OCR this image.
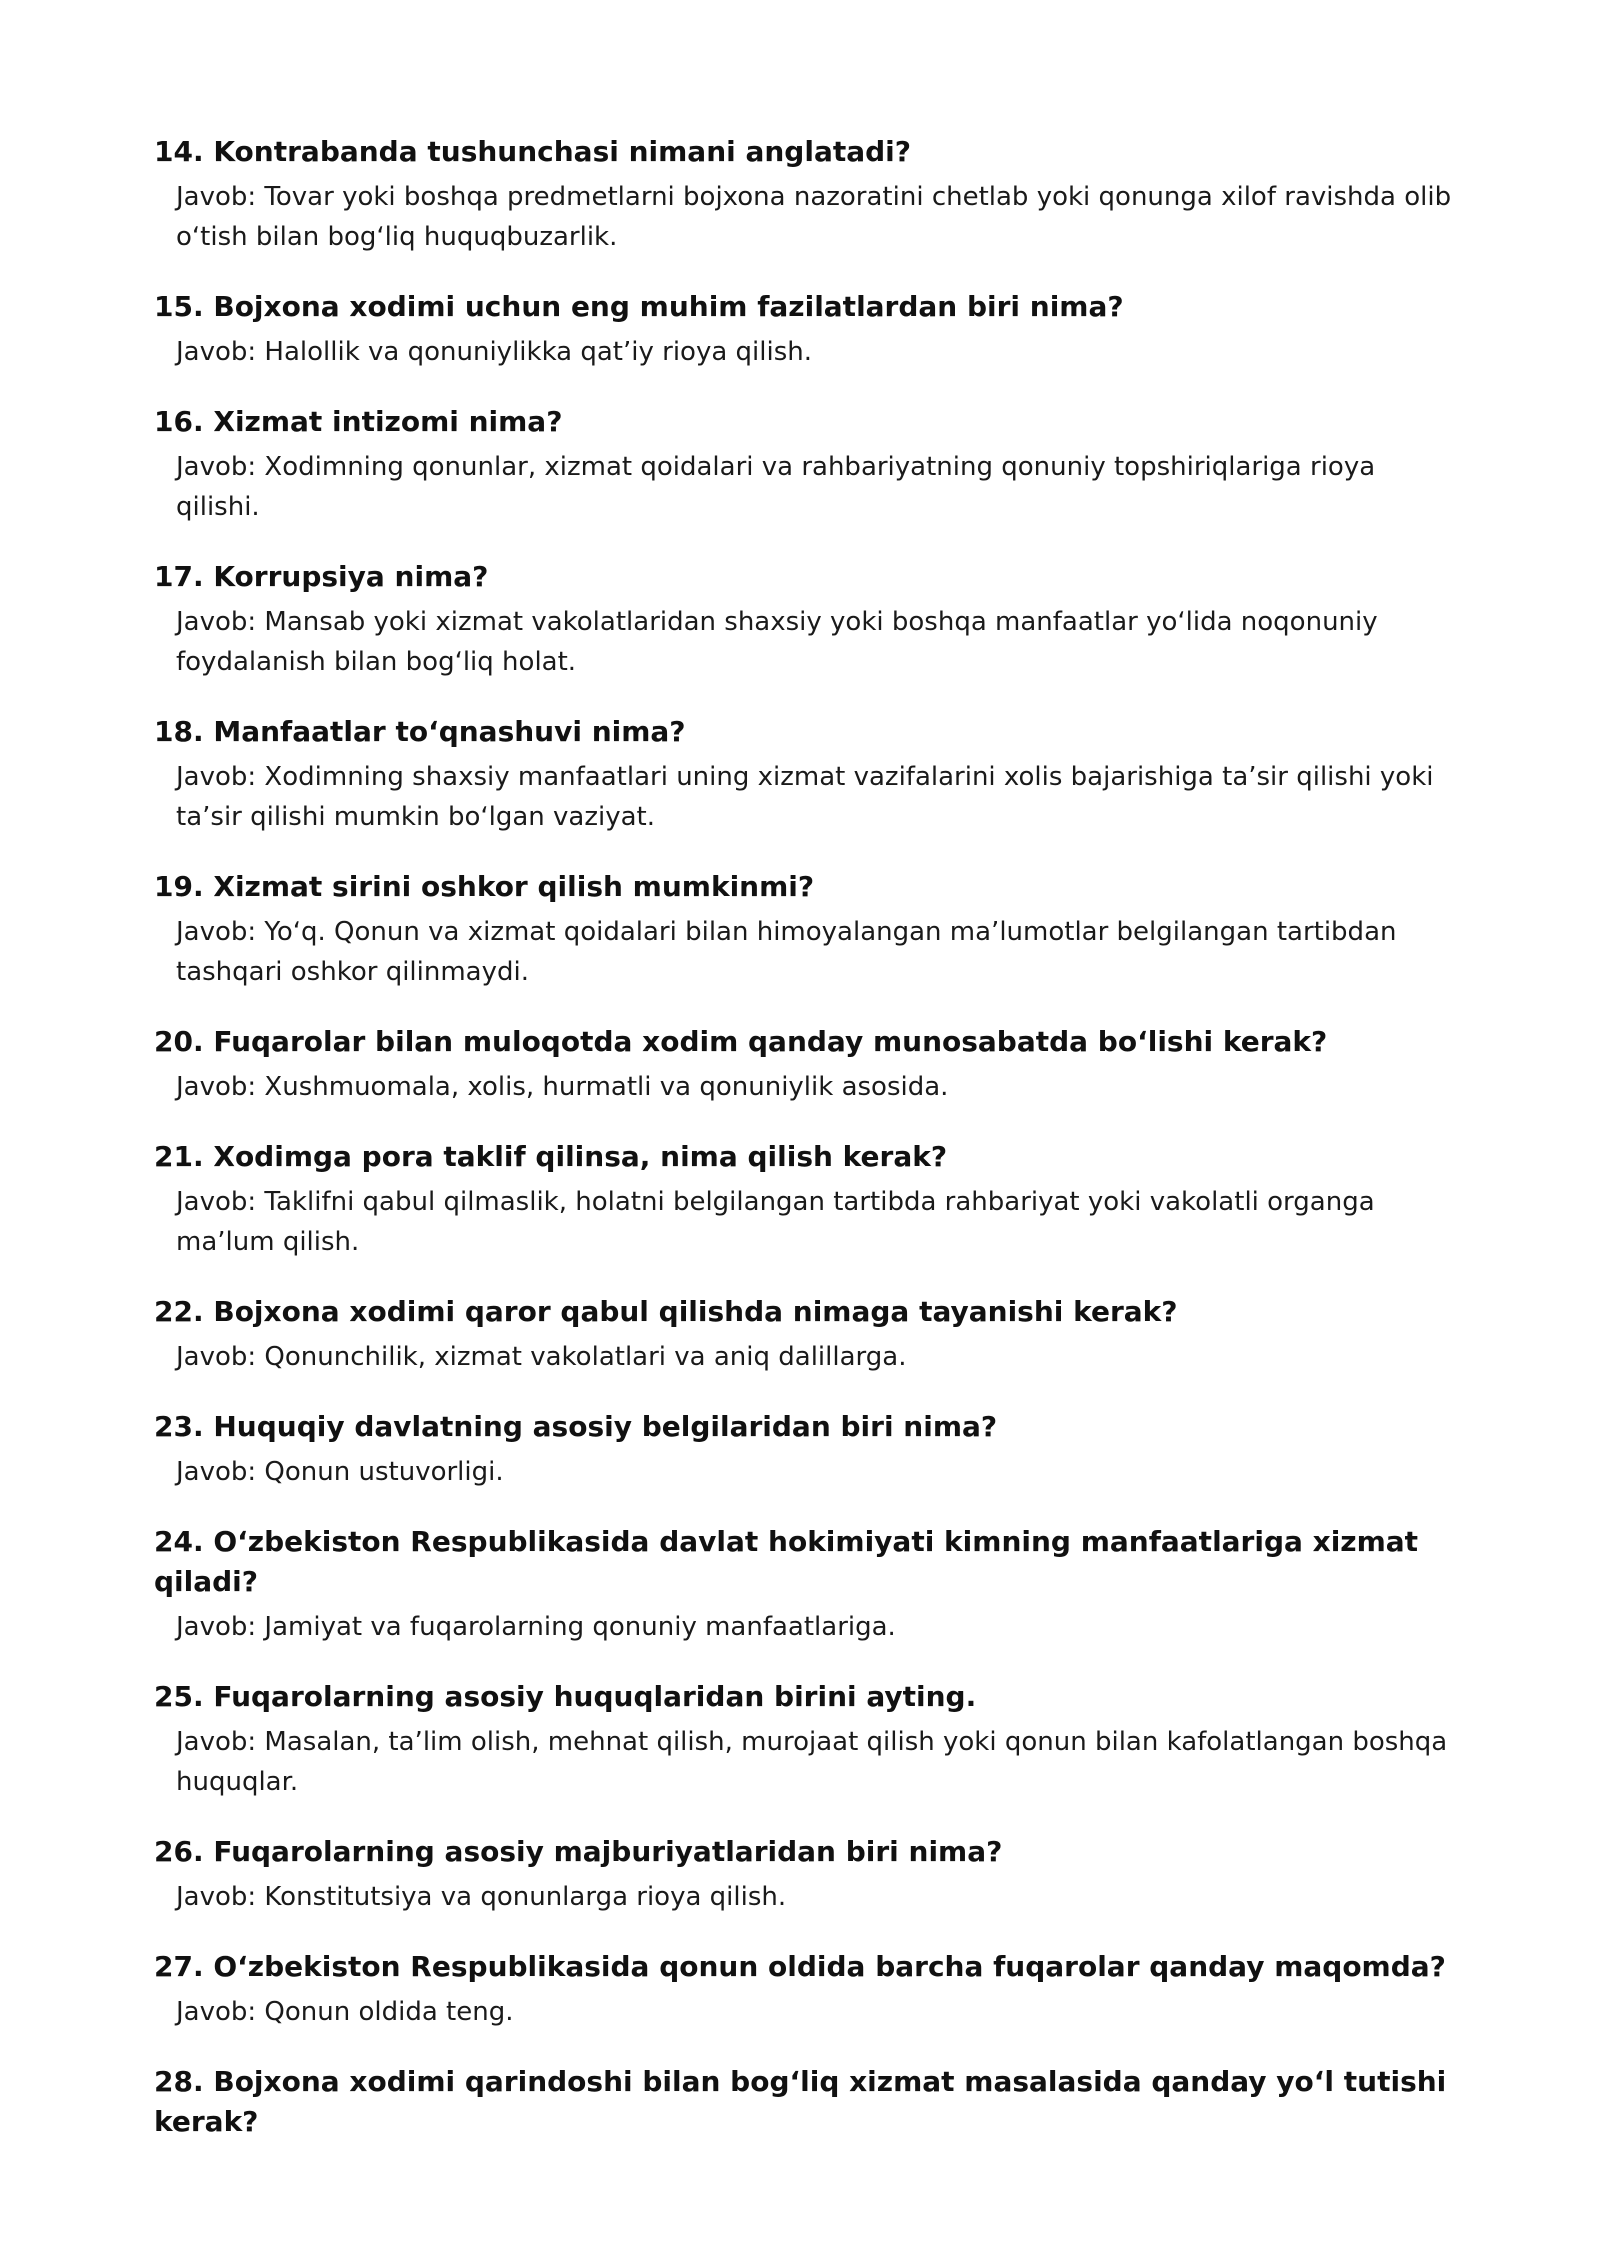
14. Kontrabanda tushunchasi nimani anglatadi?

Javob: Tovar yoki boshqa predmetlarni bojxona nazoratini chetlab yoki qonunga xilof ravishda olib oʻtish bilan bogʻliq huquqbuzarlik.

15. Bojxona xodimi uchun eng muhim fazilatlardan biri nima?

Javob: Halollik va qonuniylikka qatʼiy rioya qilish.

16. Xizmat intizomi nima?

Javob: Xodimning qonunlar, xizmat qoidalari va rahbariyatning qonuniy topshiriqlariga rioya qilishi.

17. Korrupsiya nima?

Javob: Mansab yoki xizmat vakolatlaridan shaxsiy yoki boshqa manfaatlar yoʻlida noqonuniy foydalanish bilan bogʻliq holat.

18. Manfaatlar toʻqnashuvi nima?

Javob: Xodimning shaxsiy manfaatlari uning xizmat vazifalarini xolis bajarishiga taʼsir qilishi yoki taʼsir qilishi mumkin boʻlgan vaziyat.

19. Xizmat sirini oshkor qilish mumkinmi?

Javob: Yoʻq. Qonun va xizmat qoidalari bilan himoyalangan maʼlumotlar belgilangan tartibdan tashqari oshkor qilinmaydi.

20. Fuqarolar bilan muloqotda xodim qanday munosabatda boʻlishi kerak?

Javob: Xushmuomala, xolis, hurmatli va qonuniylik asosida.

21. Xodimga pora taklif qilinsa, nima qilish kerak?

Javob: Taklifni qabul qilmaslik, holatni belgilangan tartibda rahbariyat yoki vakolatli organga maʼlum qilish.

22. Bojxona xodimi qaror qabul qilishda nimaga tayanishi kerak?

Javob: Qonunchilik, xizmat vakolatlari va aniq dalillarga.

23. Huquqiy davlatning asosiy belgilaridan biri nima?

Javob: Qonun ustuvorligi.

24. Oʻzbekiston Respublikasida davlat hokimiyati kimning manfaatlariga xizmat qiladi?

Javob: Jamiyat va fuqarolarning qonuniy manfaatlariga.

25. Fuqarolarning asosiy huquqlaridan birini ayting.

Javob: Masalan, taʼlim olish, mehnat qilish, murojaat qilish yoki qonun bilan kafolatlangan boshqa huquqlar.

26. Fuqarolarning asosiy majburiyatlaridan biri nima?

Javob: Konstitutsiya va qonunlarga rioya qilish.

27. Oʻzbekiston Respublikasida qonun oldida barcha fuqarolar qanday maqomda?

Javob: Qonun oldida teng.

28. Bojxona xodimi qarindoshi bilan bogʻliq xizmat masalasida qanday yoʻl tutishi kerak?
